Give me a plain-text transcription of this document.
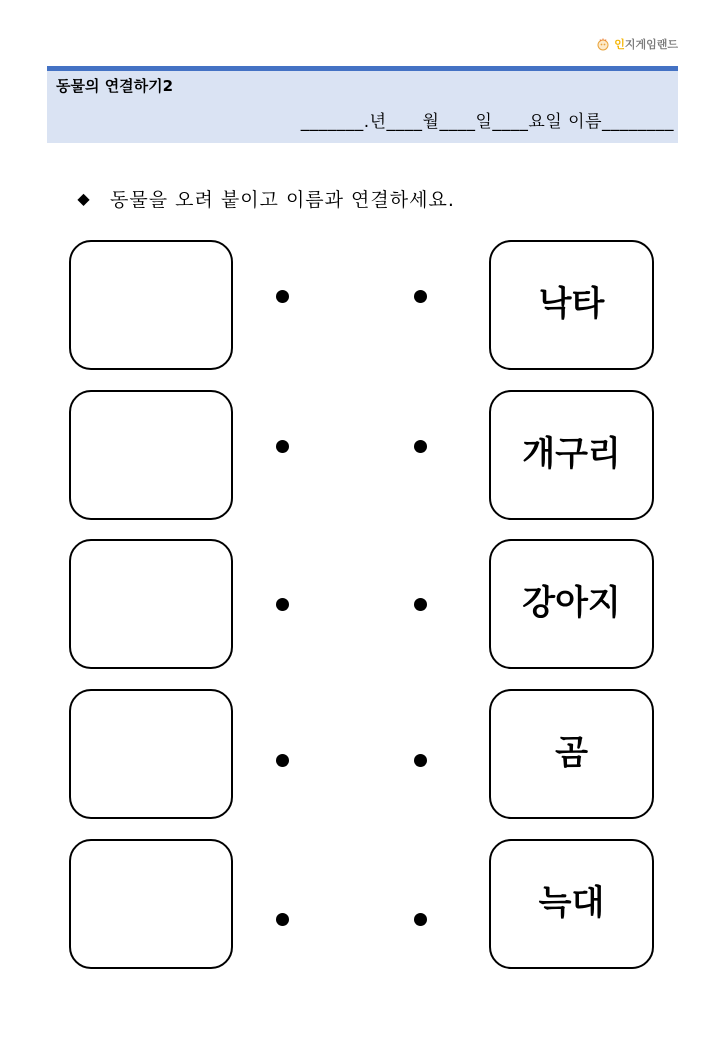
인지게임랜드
동물의 연결하기2
_______.년____월____일____요일 이름________
◆ 동물을 오려 붙이고 이름과 연결하세요.
낙타
개구리
강아지
곰
늑대
